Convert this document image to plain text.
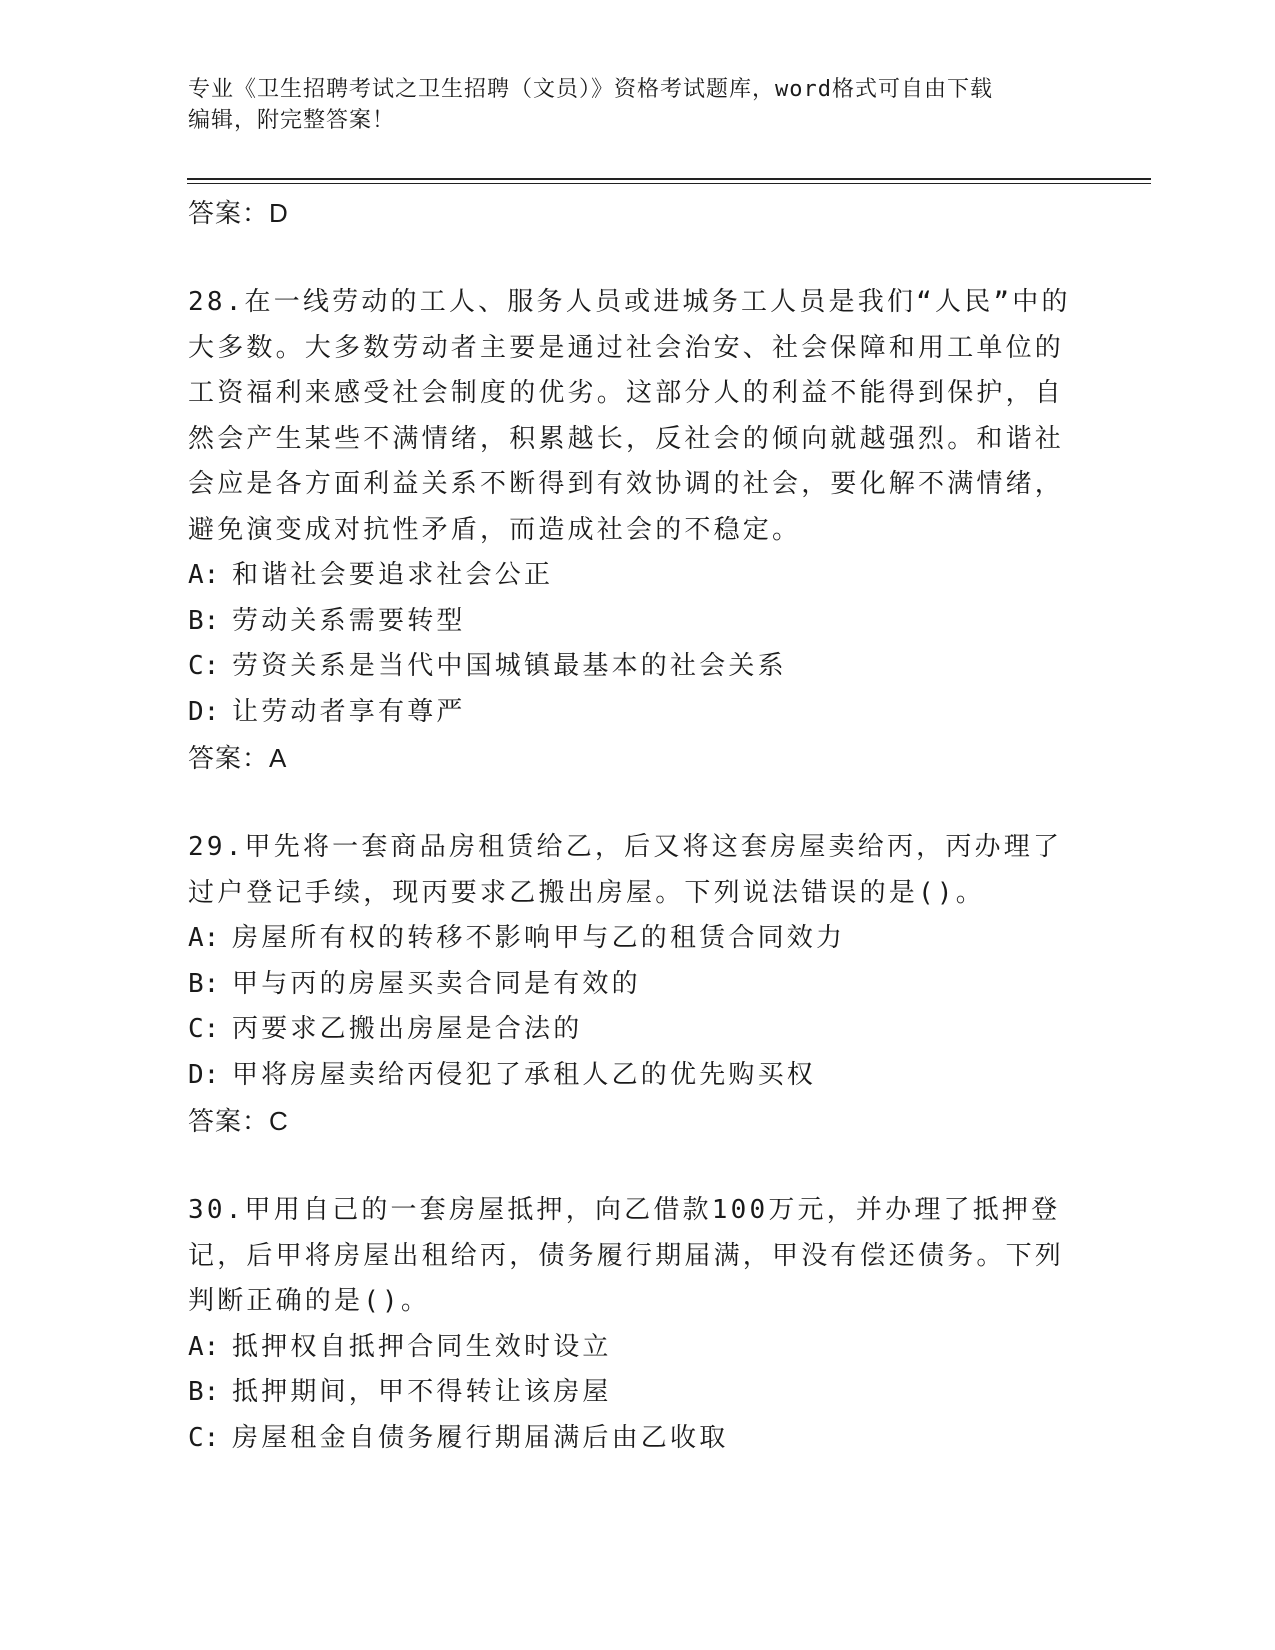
专业《卫生招聘考试之卫生招聘（文员）》资格考试题库，word格式可自由下载
编辑，附完整答案！
答案：D
28.在一线劳动的工人、服务人员或进城务工人员是我们“人民”中的大多数。大多数劳动者主要是通过社会治安、社会保障和用工单位的工资福利来感受社会制度的优劣。这部分人的利益不能得到保护，自然会产生某些不满情绪，积累越长，反社会的倾向就越强烈。和谐社会应是各方面利益关系不断得到有效协调的社会，要化解不满情绪，避免演变成对抗性矛盾，而造成社会的不稳定。
A: 和谐社会要追求社会公正
B: 劳动关系需要转型
C: 劳资关系是当代中国城镇最基本的社会关系
D: 让劳动者享有尊严
答案：A
29.甲先将一套商品房租赁给乙，后又将这套房屋卖给丙，丙办理了过户登记手续，现丙要求乙搬出房屋。下列说法错误的是()。
A: 房屋所有权的转移不影响甲与乙的租赁合同效力
B: 甲与丙的房屋买卖合同是有效的
C: 丙要求乙搬出房屋是合法的
D: 甲将房屋卖给丙侵犯了承租人乙的优先购买权
答案：C
30.甲用自己的一套房屋抵押，向乙借款100万元，并办理了抵押登记，后甲将房屋出租给丙，债务履行期届满，甲没有偿还债务。下列判断正确的是()。
A: 抵押权自抵押合同生效时设立
B: 抵押期间，甲不得转让该房屋
C: 房屋租金自债务履行期届满后由乙收取
